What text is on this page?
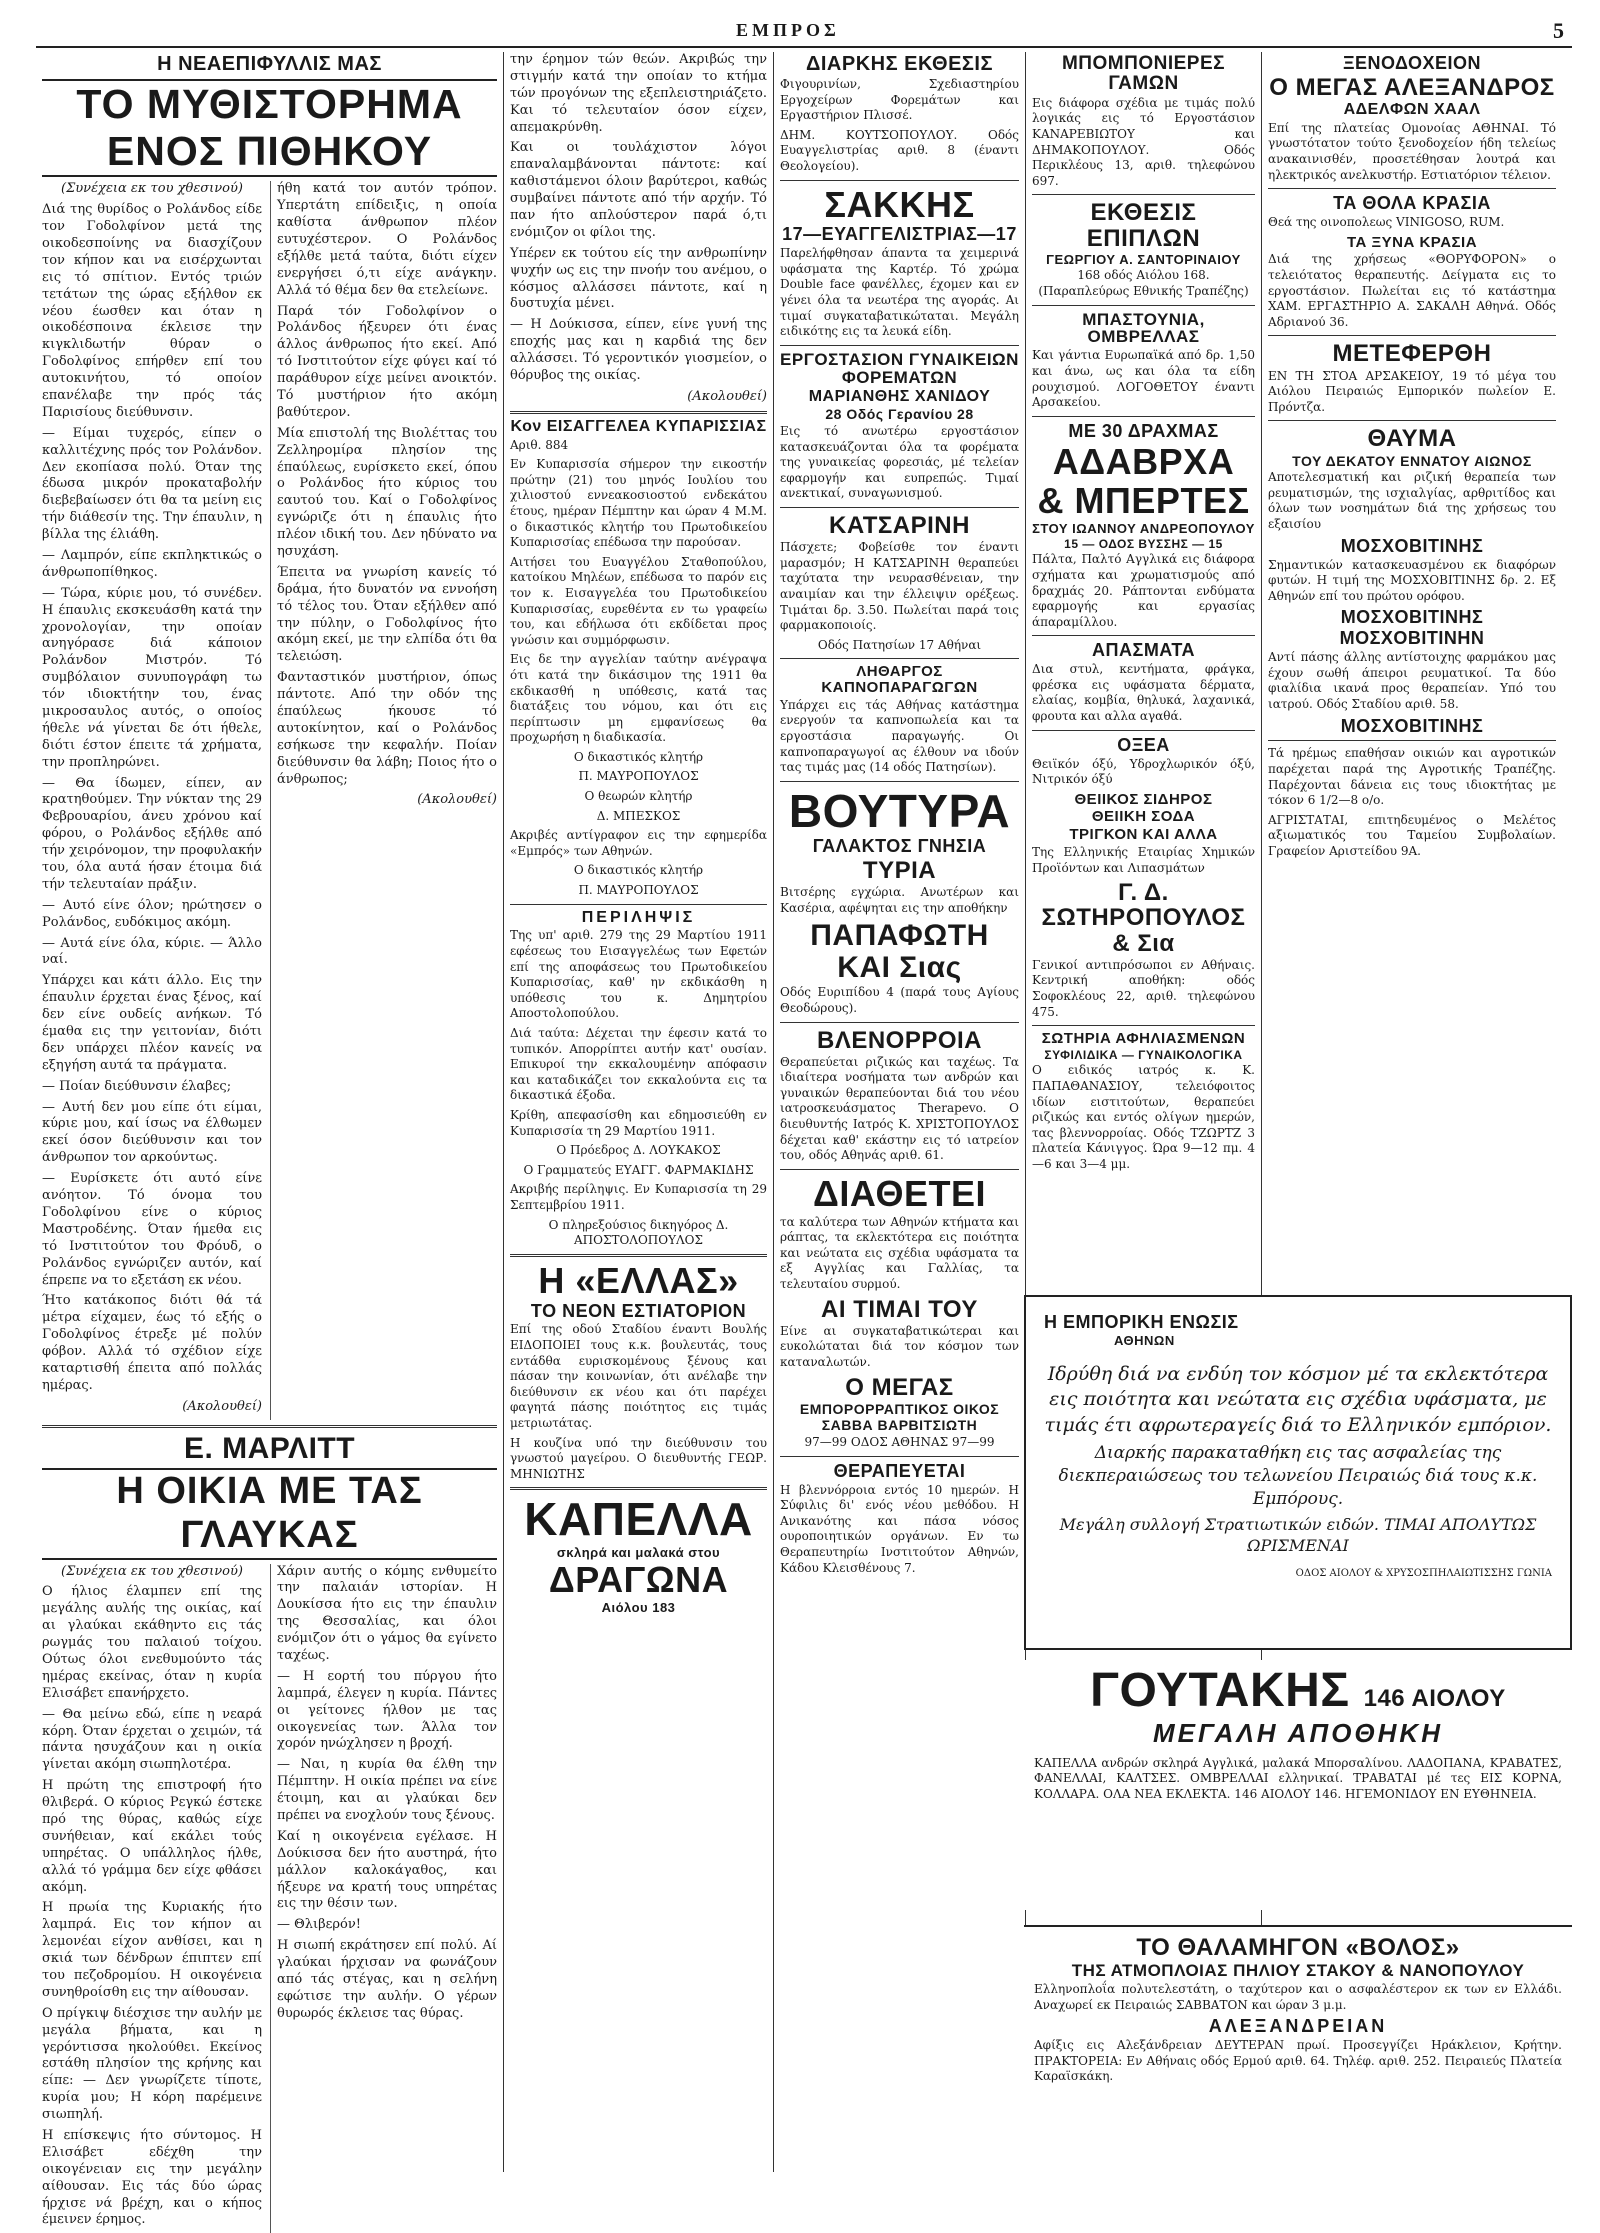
ΕΜΠΡΟΣ	5
Η ΝΕΑΕΠΙΦΥΛΛΙΣ ΜΑΣ
ΤΟ ΜΥΘΙΣΤΟΡΗΜΑ ΕΝΟΣ ΠΙΘΗΚΟΥ

(Συνέχεια εκ του χθεσινού)

Διά της θυρίδος ο Ρολάνδος είδε τον Γοδολφίνον μετά της οικοδεσποίνης να διασχίζουν τον κήπον και να εισέρχωνται εις τό σπίτιον. Εντός τριών τετάτων της ώρας εξήλθον εκ νέου έωσθεν και όταν η οικοδέσποινα έκλεισε την κιγκλιδωτήν θύραν ο Γοδολφίνος επήρθεν επί του αυτοκινήτου, τό οποίον επανέλαβε την πρός τάς Παρισίους διεύθυνσιν.

— Είμαι τυχερός, είπεν ο καλλιτέχνης πρός τον Ρολάνδον. Δεν εκοπίασα πολύ. Όταν της έδωσα μικρόν προκαταβολήν διεβεβαίωσεν ότι θα τα μείνη εις τήν διάθεσίν της. Την έπαυλιν, η βίλλα της έλιάθη.

— Λαμπρόν, είπε εκπληκτικώς ο άνθρωποπίθηκος.

— Τώρα, κύριε μου, τό συνέδεν. Η έπαυλις εκσκευάσθη κατά την χρονολογίαν, την οποίαν ανηγόρασε διά κάποιον Ρολάνδον Μιστρόν. Τό συμβόλαιον συνυπογράφη τω τόν ιδιοκτήτην του, ένας μικροσαυλος αυτός, ο οποίος ήθελε νά γίνεται δε ότι ήθελε, διότι έστον έπειτε τά χρήματα, την προπληρώνει.

— Θα ίδωμεν, είπεν, αν κρατηθούμεν. Την νύκταν της 29 Φεβρουαρίου, άνευ χρόνου καί φόρου, ο Ρολάνδος εξήλθε από τήν χειρόνομον, την προφυλακήν του, όλα αυτά ήσαν έτοιμα διά τήν τελευταίαν πράξιν.

— Αυτό είνε όλον; ηρώτησεν ο Ρολάνδος, ευδόκιμος ακόμη.

— Αυτά είνε όλα, κύριε. — Άλλο ναί.

Υπάρχει και κάτι άλλο. Εις την έπαυλιν έρχεται ένας ξένος, καί δεν είνε ουδείς ανήκων. Τό έμαθα εις την γειτονίαν, διότι δεν υπάρχει πλέον κανείς να εξηγήση αυτά τα πράγματα.

— Ποίαν διεύθυνσιν έλαβες;

— Αυτή δεν μου είπε ότι είμαι, κύριε μου, καί ίσως να έλθωμεν εκεί όσον διεύθυνσιν και τον άνθρωπον τον αρκούντως.

— Ευρίσκετε ότι αυτό είνε ανόητον. Τό όνομα του Γοδολφίνου είνε ο κύριος Μαστροδένης. Όταν ήμεθα εις τό Ινστιτούτον του Φρόυδ, ο Ρολάνδος εγνώριζεν αυτόν, καί έπρεπε να το εξετάση εκ νέου.

Ήτο κατάκοπος διότι θά τά μέτρα είχαμεν, έως τό εξής ο Γοδολφίνος έτρεξε μέ πολύν φόβον. Αλλά τό σχέδιον είχε καταρτισθή έπειτα από πολλάς ημέρας.

(Ακολουθεί)

ήθη κατά τον αυτόν τρόπον. Υπερτάτη επίδειξις, η οποία καθίστα άνθρωπον πλέον ευτυχέστερον. Ο Ρολάνδος εξήλθε μετά ταύτα, διότι είχεν ενεργήσει ό,τι είχε ανάγκην. Αλλά τό θέμα δεν θα ετελείωνε.

Παρά τόν Γοδολφίνον ο Ρολάνδος ήξευρεν ότι ένας άλλος άνθρωπος ήτο εκεί. Από τό Ινστιτούτον είχε φύγει καί τό παράθυρον είχε μείνει ανοικτόν. Τό μυστήριον ήτο ακόμη βαθύτερον.

Μία επιστολή της Βιολέττας του Ζελληρομίρα πλησίον της έπαύλεως, ευρίσκετο εκεί, όπου ο Ρολάνδος ήτο κύριος του εαυτού του. Καί ο Γοδολφίνος εγνώριζε ότι η έπαυλις ήτο πλέον ιδική του. Δεν ηδύνατο να ησυχάση.

Έπειτα να γνωρίση κανείς τό δράμα, ήτο δυνατόν να εννοήση τό τέλος του. Όταν εξήλθεν από την πύλην, ο Γοδολφίνος ήτο ακόμη εκεί, με την ελπίδα ότι θα τελειώση.

Φανταστικόν μυστήριον, όπως πάντοτε. Από την οδόν της έπαύλεως ήκουσε τό αυτοκίνητον, καί ο Ρολάνδος εσήκωσε την κεφαλήν. Ποίαν διεύθυνσιν θα λάβη; Ποιος ήτο ο άνθρωπος;

(Ακολουθεί)

Ε. ΜΑΡΛΙΤΤ
Η ΟΙΚΙΑ ΜΕ ΤΑΣ ΓΛΑΥΚΑΣ

(Συνέχεια εκ του χθεσινού)

Ο ήλιος έλαμπεν επί της μεγάλης αυλής της οικίας, καί αι γλαύκαι εκάθηντο εις τάς ρωγμάς του παλαιού τοίχου. Ούτως όλοι ενεθυμούντο τάς ημέρας εκείνας, όταν η κυρία Ελισάβετ επανήρχετο.

— Θα μείνω εδώ, είπε η νεαρά κόρη. Όταν έρχεται ο χειμών, τά πάντα ησυχάζουν και η οικία γίνεται ακόμη σιωπηλοτέρα.

Η πρώτη της επιστροφή ήτο θλιβερά. Ο κύριος Ρεγκώ έστεκε πρό της θύρας, καθώς είχε συνήθειαν, καί εκάλει τούς υπηρέτας. Ο υπάλληλος ήλθε, αλλά τό γράμμα δεν είχε φθάσει ακόμη.

Η πρωία της Κυριακής ήτο λαμπρά. Εις τον κήπον αι λεμονέαι είχον ανθίσει, και η σκιά των δένδρων έπιπτεν επί του πεζοδρομίου. Η οικογένεια συνηθροίσθη εις την αίθουσαν.

Ο πρίγκιψ διέσχισε την αυλήν με μεγάλα βήματα, και η γερόντισσα ηκολούθει. Εκείνος εστάθη πλησίον της κρήνης και είπε: — Δεν γνωρίζετε τίποτε, κυρία μου; Η κόρη παρέμεινε σιωπηλή.

Η επίσκεψις ήτο σύντομος. Η Ελισάβετ εδέχθη την οικογένειαν εις την μεγάλην αίθουσαν. Εις τάς δύο ώρας ήρχισε νά βρέχη, και ο κήπος έμεινεν έρημος.

Χάριν αυτής ο κόμης ενθυμείτο την παλαιάν ιστορίαν. Η Δουκίσσα ήτο εις την έπαυλιν της Θεσσαλίας, και όλοι ενόμιζον ότι ο γάμος θα εγίνετο ταχέως.

— Η εορτή του πύργου ήτο λαμπρά, έλεγεν η κυρία. Πάντες οι γείτονες ήλθον με τας οικογενείας των. Άλλα τον χορόν ηνώχλησεν η βροχή.

— Ναι, η κυρία θα έλθη την Πέμπτην. Η οικία πρέπει να είνε έτοιμη, και αι γλαύκαι δεν πρέπει να ενοχλούν τους ξένους.

Καί η οικογένεια εγέλασε. Η Δούκισσα δεν ήτο αυστηρά, ήτο μάλλον καλοκάγαθος, και ήξευρε να κρατή τους υπηρέτας εις την θέσιν των.

— Θλιβερόν!

Η σιωπή εκράτησεν επί πολύ. Αί γλαύκαι ήρχισαν να φωνάζουν από τάς στέγας, και η σελήνη εφώτισε την αυλήν. Ο γέρων θυρωρός έκλεισε τας θύρας.

την έρημον τών θεών. Ακριβώς την στιγμήν κατά την οποίαν το κτήμα τών προγόνων της εξεπλειστηριάζετο. Και τό τελευταίον όσον είχεν, απεμακρύνθη.

Και οι τουλάχιστον λόγοι επαναλαμβάνονται πάντοτε: καί καθιστάμενοι όλοιν βαρύτεροι, καθώς συμβαίνει πάντοτε από τήν αρχήν. Τό παν ήτο απλούστερον παρά ό,τι ενόμιζον οι φίλοι της.

Υπέρεν εκ τούτου είς την ανθρωπίνην ψυχήν ως εις την πνοήν του ανέμου, ο κόσμος αλλάσσει πάντοτε, καί η δυστυχία μένει.

— Η Δούκισσα, είπεν, είνε γυνή της εποχής μας και η καρδιά της δεν αλλάσσει. Τό γεροντικόν γιοσμείον, ο θόρυβος της οικίας.

(Ακολουθεί)

Κον ΕΙΣΑΓΓΕΛΕΑ ΚΥΠΑΡΙΣΣΙΑΣ

Αριθ. 884

Εν Κυπαρισσία σήμερον την εικοστήν πρώτην (21) του μηνός Ιουλίου του χιλιοστού εννεακοσιοστού ενδεκάτου έτους, ημέραν Πέμπτην και ώραν 4 Μ.Μ. ο δικαστικός κλητήρ του Πρωτοδικείου Κυπαρισσίας επέδωσα την παρούσαν.

Αιτήσει του Ευαγγέλου Σταθοπούλου, κατοίκου Μηλέων, επέδωσα το παρόν εις τον κ. Εισαγγελέα του Πρωτοδικείου Κυπαρισσίας, ευρεθέντα εν τω γραφείω του, και εδήλωσα ότι εκδίδεται προς γνώσιν και συμμόρφωσιν.

Εις δε την αγγελίαν ταύτην ανέγραψα ότι κατά την δικάσιμον της 1911 θα εκδικασθή η υπόθεσις, κατά τας διατάξεις του νόμου, και ότι εις περίπτωσιν μη εμφανίσεως θα προχωρήση η διαδικασία.

Ο δικαστικός κλητήρ

Π. ΜΑΥΡΟΠΟΥΛΟΣ

Ο θεωρών κλητήρ

Δ. ΜΠΕΣΚΟΣ

Ακριβές αντίγραφον εις την εφημερίδα «Εμπρός» των Αθηνών.

Ο δικαστικός κλητήρ

Π. ΜΑΥΡΟΠΟΥΛΟΣ

ΠΕΡΙΛΗΨΙΣ

Της υπ' αριθ. 279 της 29 Μαρτίου 1911 εφέσεως του Εισαγγελέως των Εφετών επί της αποφάσεως του Πρωτοδικείου Κυπαρισσίας, καθ' ην εκδικάσθη η υπόθεσις του κ. Δημητρίου Αποστολοπούλου.

Διά ταύτα: Δέχεται την έφεσιν κατά το τυπικόν. Απορρίπτει αυτήν κατ' ουσίαν. Επικυροί την εκκαλουμένην απόφασιν και καταδικάζει τον εκκαλούντα εις τα δικαστικά έξοδα.

Κρίθη, απεφασίσθη και εδημοσιεύθη εν Κυπαρισσία τη 29 Μαρτίου 1911.

Ο Πρόεδρος Δ. ΛΟΥΚΑΚΟΣ

Ο Γραμματεύς ΕΥΑΓΓ. ΦΑΡΜΑΚΙΔΗΣ

Ακριβής περίληψις. Εν Κυπαρισσία τη 29 Σεπτεμβρίου 1911.

Ο πληρεξούσιος δικηγόρος Δ. ΑΠΟΣΤΟΛΟΠΟΥΛΟΣ

Η «ΕΛΛΑΣ»
ΤΟ ΝΕΟΝ ΕΣΤΙΑΤΟΡΙΟΝ

Επί της οδού Σταδίου έναντι Βουλής ΕΙΔΟΠΟΙΕΙ τους κ.κ. βουλευτάς, τους εντάδθα ευρισκομένους ξένους και πάσαν την κοινωνίαν, ότι ανέλαβε την διεύθυνσιν εκ νέου και ότι παρέχει φαγητά πάσης ποιότητος εις τιμάς μετριωτάτας.

Η κουζίνα υπό την διεύθυνσιν του γνωστού μαγείρου. Ο διευθυντής ΓΕΩΡ. ΜΗΝΙΩΤΗΣ

ΚΑΠΕΛΛΑ
σκληρά και μαλακά στου
ΔΡΑΓΩΝΑ
Αιόλου 183
ΔΙΑΡΚΗΣ ΕΚΘΕΣΙΣ

Φιγουρινίων, Σχεδιαστηρίου Εργοχείρων Φορεμάτων και Εργαστήριον Πλισσέ.

ΔΗΜ. ΚΟΥΤΣΟΠΟΥΛΟΥ. Οδός Ευαγγελιστρίας αριθ. 8 (έναντι Θεολογείου).

ΣΑΚΚΗΣ
17—ΕΥΑΓΓΕΛΙΣΤΡΙΑΣ—17

Παρελήφθησαν άπαντα τα χειμερινά υφάσματα της Καρτέρ. Τό χρώμα Double face φανέλλες, έχομεν και εν γένει όλα τα νεωτέρα της αγοράς. Αι τιμαί συγκαταβατικώταται. Μεγάλη ειδικότης εις τα λευκά είδη.

ΕΡΓΟΣΤΑΣΙΟΝ ΓΥΝΑΙΚΕΙΩΝ ΦΟΡΕΜΑΤΩΝ
ΜΑΡΙΑΝΘΗΣ ΧΑΝΙΔΟΥ
28 Οδός Γερανίου 28

Εις τό ανωτέρω εργοστάσιον κατασκευάζονται όλα τα φορέματα της γυναικείας φορεσιάς, μέ τελείαν εφαρμογήν και ευπρεπώς. Τιμαί ανεκτικαί, συναγωνισμού.

ΚΑΤΣΑΡΙΝΗ

Πάσχετε; Φοβείσθε τον έναντι μαρασμόν; Η ΚΑΤΣΑΡΙΝΗ θεραπεύει ταχύτατα την νευρασθένειαν, την αναιμίαν και την έλλειψιν ορέξεως. Τιμάται δρ. 3.50. Πωλείται παρά τοις φαρμακοποιοίς.

Οδός Πατησίων 17 Αθήναι

ΛΗΘΑΡΓΟΣ ΚΑΠΝΟΠΑΡΑΓΩΓΩΝ

Υπάρχει εις τάς Αθήνας κατάστημα ενεργούν τα καπνοπωλεία και τα εργοστάσια παραγωγής. Οι καπνοπαραγωγοί ας έλθουν να ιδούν τας τιμάς μας (14 οδός Πατησίων).

ΒΟΥΤΥΡΑ
ΓΑΛΑΚΤΟΣ ΓΝΗΣΙΑ
ΤΥΡΙΑ

Βιτσέρης εγχώρια. Ανωτέρων και Κασέρια, αφέψηται εις την αποθήκην

ΠΑΠΑΦΩΤΗ ΚΑΙ Σιας

Οδός Ευριπίδου 4 (παρά τους Αγίους Θεοδώρους).

ΒΛΕΝΟΡΡΟΙΑ

Θεραπεύεται ριζικώς και ταχέως. Τα ιδιαίτερα νοσήματα των ανδρών και γυναικών θεραπεύονται διά του νέου ιατροσκευάσματος Therapevo. Ο διευθυντής Ιατρός Κ. ΧΡΙΣΤΟΠΟΥΛΟΣ δέχεται καθ' εκάστην εις τό ιατρείον του, οδός Αθηνάς αριθ. 61.

ΔΙΑΘΕΤΕΙ

τα καλύτερα των Αθηνών κτήματα και ράπτας, τα εκλεκτότερα εις ποιότητα και νεώτατα εις σχέδια υφάσματα τα εξ Αγγλίας και Γαλλίας, τα τελευταίου συρμού.

ΑΙ ΤΙΜΑΙ ΤΟΥ

Είνε αι συγκαταβατικώτεραι και ευκολώταται διά τον κόσμον των καταναλωτών.

Ο ΜΕΓΑΣ
ΕΜΠΟΡΟΡΡΑΠΤΙΚΟΣ ΟΙΚΟΣ
ΣΑΒΒΑ ΒΑΡΒΙΤΣΙΩΤΗ

97—99 ΟΔΟΣ ΑΘΗΝΑΣ 97—99

ΘΕΡΑΠΕΥΕΤΑΙ

Η βλεννόρροια εντός 10 ημερών. Η Σύφιλις δι' ενός νέου μεθόδου. Η Ανικανότης και πάσα νόσος ουροποιητικών οργάνων. Εν τω Θεραπευτηρίω Ινστιτούτον Αθηνών, Κάδου Κλεισθένους 7.

ΜΠΟΜΠΟΝΙΕΡΕΣ ΓΑΜΩΝ

Εις διάφορα σχέδια με τιμάς πολύ λογικάς εις τό Εργοστάσιον ΚΑΝΑΡΕΒΙΩΤΟΥ και ΔΗΜΑΚΟΠΟΥΛΟΥ. Οδός Περικλέους 13, αριθ. τηλεφώνου 697.

ΕΚΘΕΣΙΣ ΕΠΙΠΛΩΝ
ΓΕΩΡΓΙΟΥ Α. ΣΑΝΤΟΡΙΝΑΙΟΥ

168 οδός Αιόλου 168. (Παραπλεύρως Εθνικής Τραπέζης)

ΜΠΑΣΤΟΥΝΙΑ, ΟΜΒΡΕΛΛΑΣ

Και γάντια Ευρωπαϊκά από δρ. 1,50 και άνω, ως και όλα τα είδη ρουχισμού. ΛΟΓΟΘΕΤΟΥ έναντι Αρσακείου.

ΜΕ 30 ΔΡΑΧΜΑΣ
ΑΔΑΒΡΧΑ
& ΜΠΕΡΤΕΣ
ΣΤΟΥ ΙΩΑΝΝΟΥ ΑΝΔΡΕΟΠΟΥΛΟΥ
15 — ΟΔΟΣ ΒΥΣΣΗΣ — 15

Πάλτα, Παλτό Αγγλικά εις διάφορα σχήματα και χρωματισμούς από δραχμάς 20. Ράπτονται ενδύματα εφαρμογής και εργασίας άπαραμίλλου.

ΑΠΑΣΜΑΤΑ

Δια στυλ, κεντήματα, φράγκα, φρέσκα εις υφάσματα δέρματα, ελαίας, κομβία, θηλυκά, λαχανικά, φρουτα και αλλα αγαθά.

ΟΞΕΑ

Θειϊκόν όξύ, Υδροχλωρικόν όξύ, Νιτρικόν όξύ

ΘΕΙΙΚΟΣ ΣΙΔΗΡΟΣ
ΘΕΙΙΚΗ ΣΟΔΑ
ΤΡΙΓΚΟΝ ΚΑΙ ΑΛΛΑ

Της Ελληνικής Εταιρίας Χημικών Προϊόντων και Λιπασμάτων

Γ. Δ. ΣΩΤΗΡΟΠΟΥΛΟΣ & Σια

Γενικοί αντιπρόσωποι εν Αθήναις. Κεντρική αποθήκη: οδός Σοφοκλέους 22, αριθ. τηλεφώνου 475.

ΣΩΤΗΡΙΑ ΑΦΗΛΙΑΣΜΕΝΩΝ
ΣΥΦΙΛΙΔΙΚΑ — ΓΥΝΑΙΚΟΛΟΓΙΚΑ

Ο ειδικός ιατρός κ. Κ. ΠΑΠΑΘΑΝΑΣΙΟΥ, τελειόφοιτος ιδίων ειστιτούτων, θεραπεύει ριζικώς και εντός ολίγων ημερών, τας βλεννορροίας. Οδός ΤΖΩΡΤΖ 3 πλατεία Κάνιγγος. Ώρα 9—12 πμ. 4—6 και 3—4 μμ.

ΞΕΝΟΔΟΧΕΙΟΝ
Ο ΜΕΓΑΣ ΑΛΕΞΑΝΔΡΟΣ
ΑΔΕΛΦΩΝ ΧΑΑΛ

Επί της πλατείας Ομονοίας ΑΘΗΝΑΙ. Τό γνωστότατον τούτο ξενοδοχείον ήδη τελείως ανακαινισθέν, προσετέθησαν λουτρά και ηλεκτρικός ανελκυστήρ. Εστιατόριον τέλειον.

ΤΑ ΘΟΛΑ ΚΡΑΣΙΑ

Θεά της οινοπολεως VINIGOSO, RUM.

ΤΑ ΞΥΝΑ ΚΡΑΣΙΑ

Διά της χρήσεως «ΘΟΡΥΦΟΡΟΝ» ο τελειότατος θεραπευτής. Δείγματα εις το εργοστάσιον. Πωλείται εις τό κατάστημα ΧΑΜ. ΕΡΓΑΣΤΗΡΙΟ Α. ΣΑΚΑΛΗ Αθηνά. Οδός Αδριανού 36.

ΜΕΤΕΦΕΡΘΗ

ΕΝ ΤΗ ΣΤΟΑ ΑΡΣΑΚΕΙΟΥ, 19 τό μέγα του Αιόλου Πειραιώς Εμπορικόν πωλείον Ε. Πρόντζα.

ΘΑΥΜΑ
ΤΟΥ ΔΕΚΑΤΟΥ ΕΝΝΑΤΟΥ ΑΙΩΝΟΣ

Αποτελεσματική και ριζική θεραπεία των ρευματισμών, της ισχιαλγίας, αρθριτίδος και όλων των νοσημάτων διά της χρήσεως του εξαισίου

ΜΟΣΧΟΒΙΤΙΝΗΣ

Σημαντικών κατασκευασμένου εκ διαφόρων φυτών. Η τιμή της ΜΟΣΧΟΒΙΤΙΝΗΣ δρ. 2. Εξ Αθηνών επί του πρώτου ορόφου.

ΜΟΣΧΟΒΙΤΙΝΗΣ
ΜΟΣΧΟΒΙΤΙΝΗΝ

Αντί πάσης άλλης αντίστοιχης φαρμάκου μας έχουν σωθή άπειροι ρευματικοί. Τα δύο φιαλίδια ικανά προς θεραπείαν. Υπό του ιατρού. Οδός Σταδίου αριθ. 58.

ΜΟΣΧΟΒΙΤΙΝΗΣ

Τά ηρέμως επαθήσαν οικιών και αγροτικών παρέχεται παρά της Αγροτικής Τραπέζης. Παρέχονται δάνεια εις τους ιδιοκτήτας με τόκον 6 1/2—8 ο/ο.

ΑΓΡΙΣΤΑΤΑΙ, επιτηδευμένος ο Μελέτος αξιωματικός του Ταμείου Συμβολαίων. Γραφείον Αριστείδου 9Α.

Η ΕΜΠΟΡΙΚΗ ΕΝΩΣΙΣ
ΑΘΗΝΩΝ

Ιδρύθη διά να ενδύη τον κόσμον μέ τα εκλεκτότερα εις ποιότητα και νεώτατα εις σχέδια υφάσματα, με τιμάς έτι αφρωτεραγείς διά το Ελληνικόν εμπόριον.

Διαρκής παρακαταθήκη εις τας ασφαλείας της διεκπεραιώσεως του τελωνείου Πειραιώς διά τους κ.κ. Εμπόρους.

Μεγάλη συλλογή Στρατιωτικών ειδών. ΤΙΜΑΙ ΑΠΟΛΥΤΩΣ ΩΡΙΣΜΕΝΑΙ

ΟΔΟΣ ΑΙΟΛΟΥ & ΧΡΥΣΟΣΠΗΛΑΙΩΤΙΣΣΗΣ ΓΩΝΙΑ

ΓΟΥΤΑΚΗΣ 146 ΑΙΟΛΟΥ
ΜΕΓΑΛΗ ΑΠΟΘΗΚΗ

ΚΑΠΕΛΛΑ ανδρών σκληρά Αγγλικά, μαλακά Μπορσαλίνου. ΛΑΔΟΠΑΝΑ, ΚΡΑΒΑΤΕΣ, ΦΑΝΕΛΛΑΙ, ΚΑΛΤΣΕΣ. ΟΜΒΡΕΛΛΑΙ ελληνικαί. ΤΡΑΒΑΤΑΙ μέ τες ΕΙΣ ΚΟΡΝΑ, ΚΟΛΛΑΡΑ. ΟΛΑ ΝΕΑ ΕΚΛΕΚΤΑ. 146 ΑΙΟΛΟΥ 146. ΗΓΕΜΟΝΙΔΟΥ ΕΝ ΕΥΘΗΝΕΙΑ.

ΤΟ ΘΑΛΑΜΗΓΟΝ «ΒΟΛΟΣ»
ΤΗΣ ΑΤΜΟΠΛΟΙΑΣ ΠΗΛΙΟΥ ΣΤΑΚΟΥ & ΝΑΝΟΠΟΥΛΟΥ

Ελληνοπλοΐα πολυτελεστάτη, ο ταχύτερον και ο ασφαλέστερον εκ των εν Ελλάδι. Αναχωρεί εκ Πειραιώς ΣΑΒΒΑΤΟΝ και ώραν 3 μ.μ.

ΑΛΕΞΑΝΔΡΕΙΑΝ

Αφίξις εις Αλεξάνδρειαν ΔΕΥΤΕΡΑΝ πρωί. Προσεγγίζει Ηράκλειον, Κρήτην. ΠΡΑΚΤΟΡΕΙΑ: Εν Αθήναις οδός Ερμού αριθ. 64. Τηλέφ. αριθ. 252. Πειραιεύς Πλατεία Καραϊσκάκη.
